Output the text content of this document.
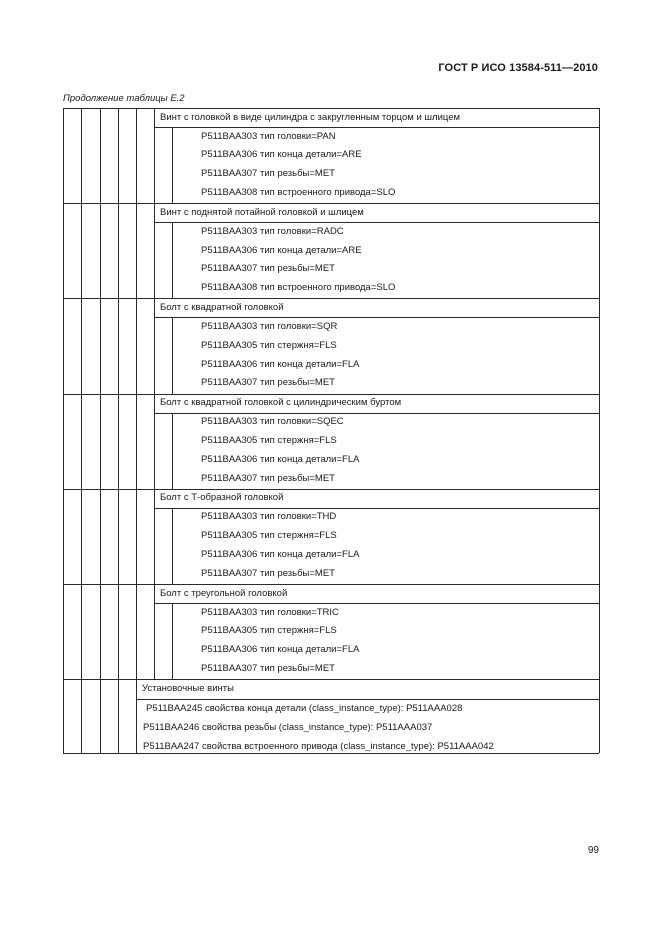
ГОСТ Р ИСО 13584-511—2010
Продолжение таблицы Е.2
Винт с головкой в виде цилиндра с закругленным торцом и шлицем
P511BAA303 тип головки=PAN
P511BAA306 тип конца детали=ARE
P511BAA307 тип резьбы=MET
P511BAA308 тип встроенного привода=SLO
Винт с поднятой потайной головкой и шлицем
P511BAA303 тип головки=RADC
P511BAA306 тип конца детали=ARE
P511BAA307 тип резьбы=MET
P511BAA308 тип встроенного привода=SLO
Болт с квадратной головкой
P511BAA303 тип головки=SQR
P511BAA305 тип стержня=FLS
P511BAA306 тип конца детали=FLA
P511BAA307 тип резьбы=MET
Болт с квадратной головкой с цилиндрическим буртом
P511BAA303 тип головки=SQEC
P511BAA305 тип стержня=FLS
P511BAA306 тип конца детали=FLA
P511BAA307 тип резьбы=MET
Болт с Т-образной головкой
P511BAA303 тип головки=THD
P511BAA305 тип стержня=FLS
P511BAA306 тип конца детали=FLA
P511BAA307 тип резьбы=MET
Болт с треугольной головкой
P511BAA303 тип головки=TRIC
P511BAA305 тип стержня=FLS
P511BAA306 тип конца детали=FLA
P511BAA307 тип резьбы=MET
Установочные винты
P511BAA245 свойства конца детали (class_instance_type): P511AAA028
P511BAA246 свойства резьбы (class_instance_type): P511AAA037
P511BAA247 свойства встроенного привода (class_instance_type): P511AAA042
99
